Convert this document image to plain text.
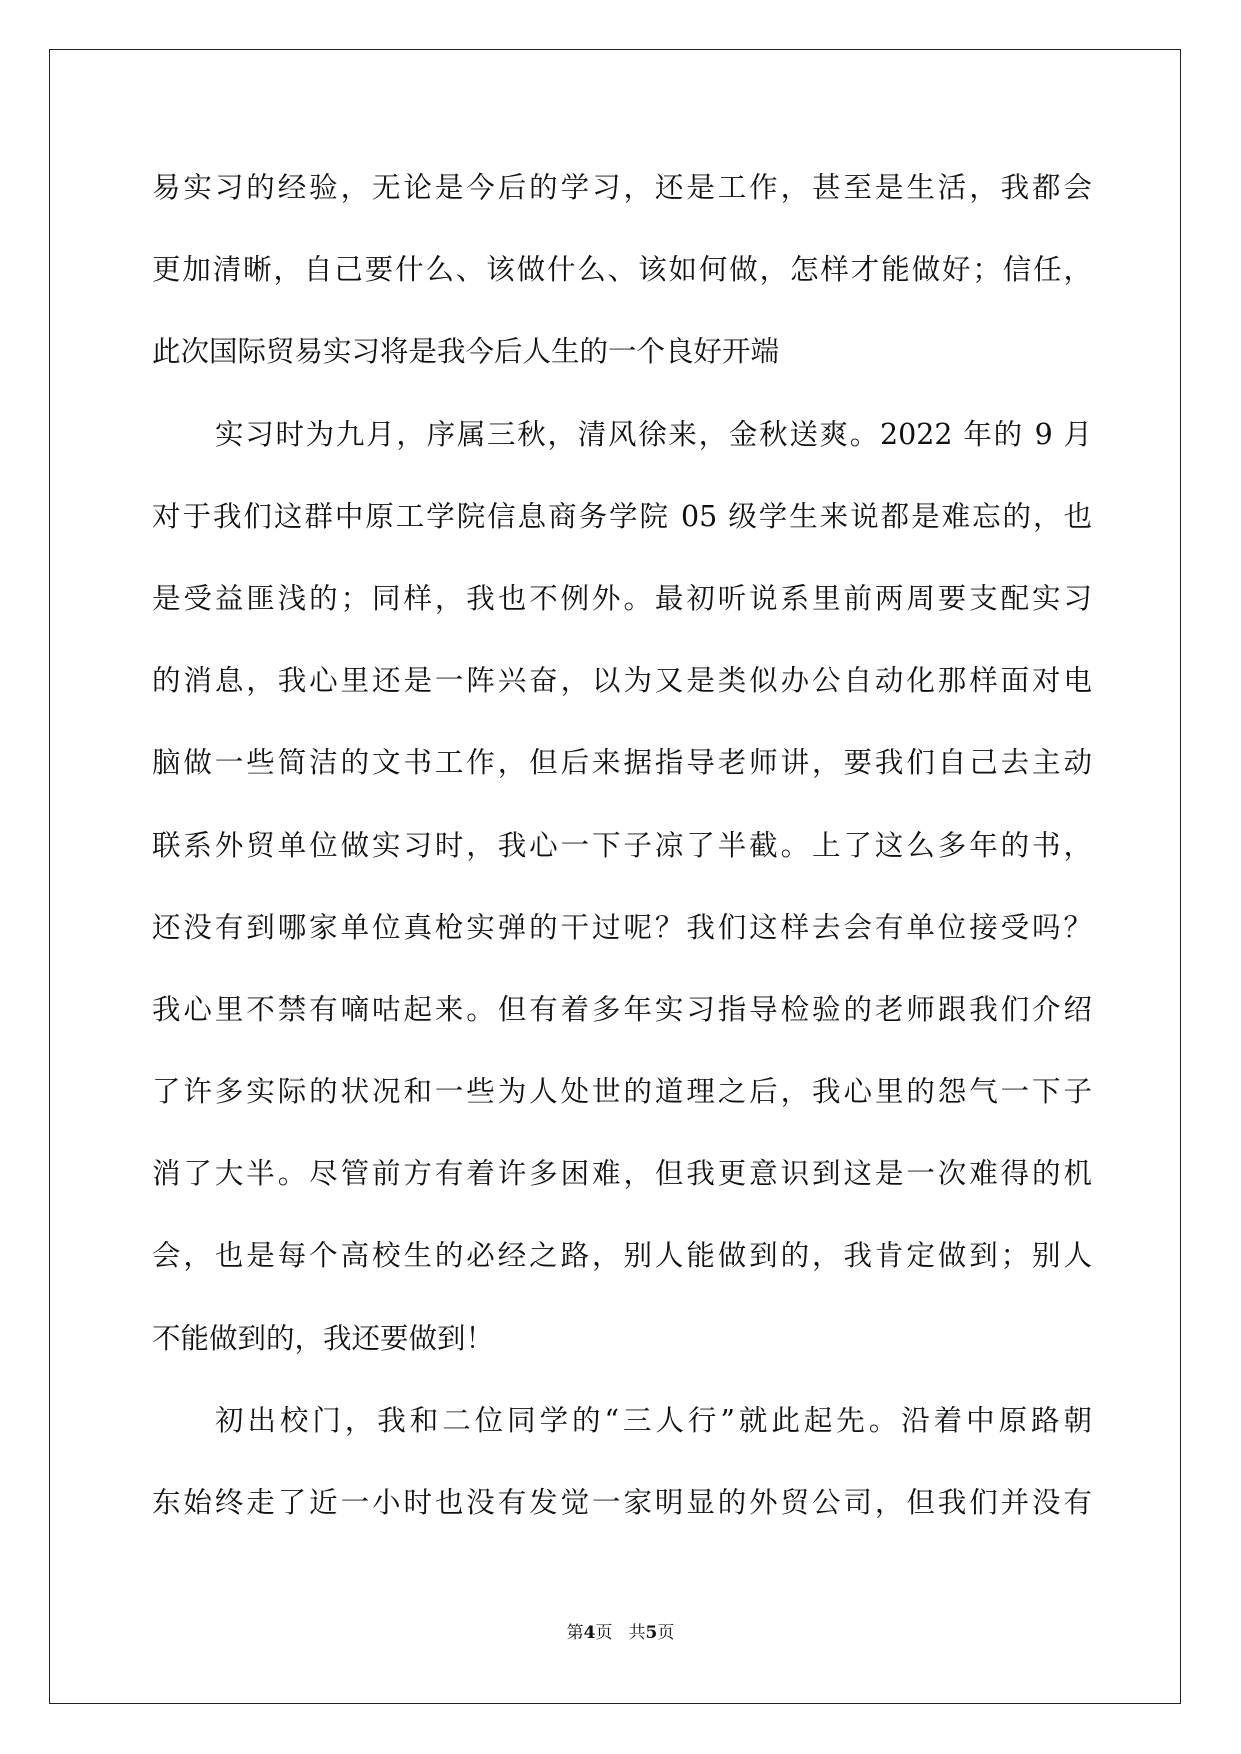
易实习的经验，无论是今后的学习，还是工作，甚至是生活，我都会
更加清晰，自己要什么、该做什么、该如何做，怎样才能做好；信任，
此次国际贸易实习将是我今后人生的一个良好开端
实习时为九月，序属三秋，清风徐来，金秋送爽。2022 年的 9 月
对于我们这群中原工学院信息商务学院 05 级学生来说都是难忘的，也
是受益匪浅的；同样，我也不例外。最初听说系里前两周要支配实习
的消息，我心里还是一阵兴奋，以为又是类似办公自动化那样面对电
脑做一些简洁的文书工作，但后来据指导老师讲，要我们自己去主动
联系外贸单位做实习时，我心一下子凉了半截。上了这么多年的书，
还没有到哪家单位真枪实弹的干过呢？我们这样去会有单位接受吗？
我心里不禁有嘀咕起来。但有着多年实习指导检验的老师跟我们介绍
了许多实际的状况和一些为人处世的道理之后，我心里的怨气一下子
消了大半。尽管前方有着许多困难，但我更意识到这是一次难得的机
会，也是每个高校生的必经之路，别人能做到的，我肯定做到；别人
不能做到的，我还要做到！
初出校门，我和二位同学的“三人行”就此起先。沿着中原路朝
东始终走了近一小时也没有发觉一家明显的外贸公司，但我们并没有
第4页 共5页
